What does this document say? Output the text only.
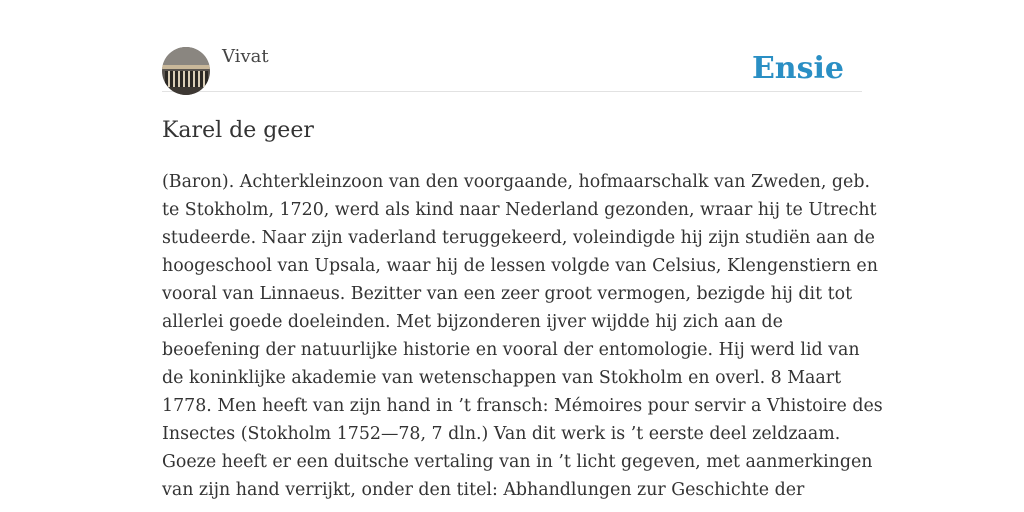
Vivat	Ensie
Karel de geer
(Baron). Achterkleinzoon van den voorgaande, hofmaarschalk van Zweden, geb.
te Stokholm, 1720, werd als kind naar Nederland gezonden, wraar hij te Utrecht
studeerde. Naar zijn vaderland teruggekeerd, voleindigde hij zijn studiën aan de
hoogeschool van Upsala, waar hij de lessen volgde van Celsius, Klengenstiern en
vooral van Linnaeus. Bezitter van een zeer groot vermogen, bezigde hij dit tot
allerlei goede doeleinden. Met bijzonderen ijver wijdde hij zich aan de
beoefening der natuurlijke historie en vooral der entomologie. Hij werd lid van
de koninklijke akademie van wetenschappen van Stokholm en overl. 8 Maart
1778. Men heeft van zijn hand in ’t fransch: Mémoires pour servir a Vhistoire des
Insectes (Stokholm 1752—78, 7 dln.) Van dit werk is ’t eerste deel zeldzaam.
Goeze heeft er een duitsche vertaling van in ’t licht gegeven, met aanmerkingen
van zijn hand verrijkt, onder den titel: Abhandlungen zur Geschichte der
